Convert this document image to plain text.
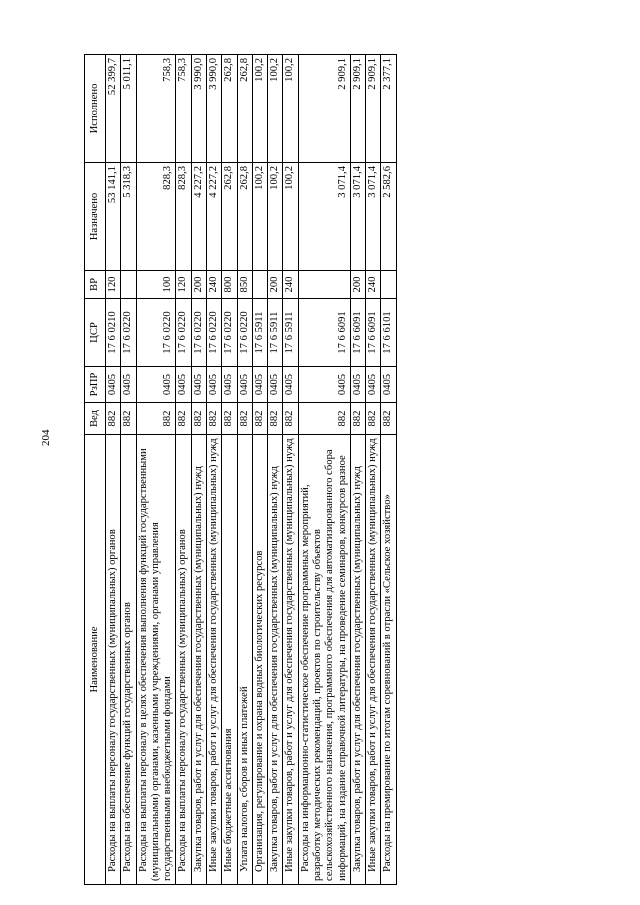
204
Наименование	Вед	РзПР	ЦСР	ВР	Назначено	Исполнено
Расходы на выплаты персоналу государственных (муниципальных) органов	882	0405	17 6 0210	120	53 141,1	52 399,7
Расходы на обеспечение функций государственных органов	882	0405	17 6 0220		5 318,3	5 011,1
Расходы на выплаты персоналу в целях обеспечения выполнения функций государственными (муниципальными) органами, казенными учреждениями, органами управления государственными внебюджетными фондами	882	0405	17 6 0220	100	828,3	758,3
Расходы на выплаты персоналу государственных (муниципальных) органов	882	0405	17 6 0220	120	828,3	758,3
Закупка товаров, работ и услуг для обеспечения государственных (муниципальных) нужд	882	0405	17 6 0220	200	4 227,2	3 990,0
Иные закупки товаров, работ и услуг для обеспечения государственных (муниципальных) нужд	882	0405	17 6 0220	240	4 227,2	3 990,0
Иные бюджетные ассигнования	882	0405	17 6 0220	800	262,8	262,8
Уплата налогов, сборов и иных платежей	882	0405	17 6 0220	850	262,8	262,8
Организация, регулирование и охрана водных биологических ресурсов	882	0405	17 6 5911		100,2	100,2
Закупка товаров, работ и услуг для обеспечения государственных (муниципальных) нужд	882	0405	17 6 5911	200	100,2	100,2
Иные закупки товаров, работ и услуг для обеспечения государственных (муниципальных) нужд	882	0405	17 6 5911	240	100,2	100,2
Расходы на информационно-статистическое обеспечение программных мероприятий, разработку методических рекомендаций, проектов по строительству объектов сельскохозяйственного назначения, программного обеспечения для автоматизированного сбора информаций, на издание справочной литературы, на проведение семинаров, конкурсов разное	882	0405	17 6 6091		3 071,4	2 909,1
Закупка товаров, работ и услуг для обеспечения государственных (муниципальных) нужд	882	0405	17 6 6091	200	3 071,4	2 909,1
Иные закупки товаров, работ и услуг для обеспечения государственных (муниципальных) нужд	882	0405	17 6 6091	240	3 071,4	2 909,1
Расходы на премирование по итогам соревнований в отрасли «Сельское хозяйство»	882	0405	17 6 6101		2 582,6	2 377,1
